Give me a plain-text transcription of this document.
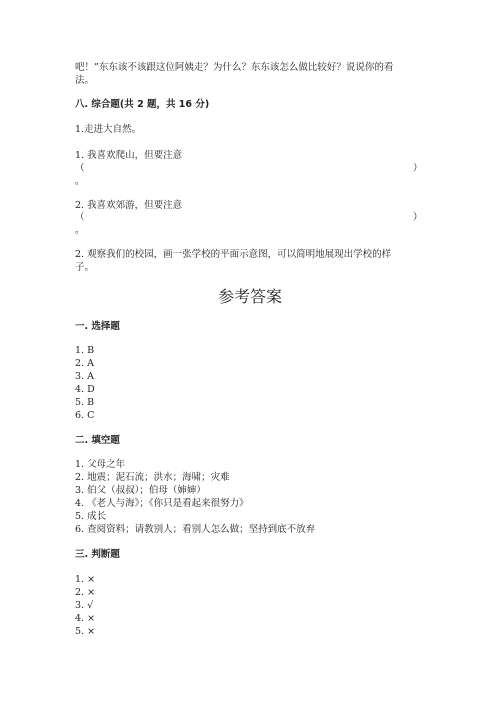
吧！”东东该不该跟这位阿姨走？为什么？东东该怎么做比较好？说说你的看
法。
八. 综合题(共 2 题，共 16 分)
1.走进大自然。
1. 我喜欢爬山，但要注意
（	）
。
2. 我喜欢郊游，但要注意
（	）
。
2. 观察我们的校园，画一张学校的平面示意图，可以简明地展现出学校的样
子。
参考答案
一. 选择题
1. B
2. A
3. A
4. D
5. B
6. C
二. 填空题
1. 父母之年
2. 地震；泥石流；洪水；海啸；灾难
3. 伯父（叔叔）；伯母（婶婶）
4. 《老人与海》；《你只是看起来很努力》
5. 成长
6. 查阅资料；请教别人；看别人怎么做；坚持到底不放弃
三. 判断题
1. ×
2. ×
3. √
4. ×
5. ×
